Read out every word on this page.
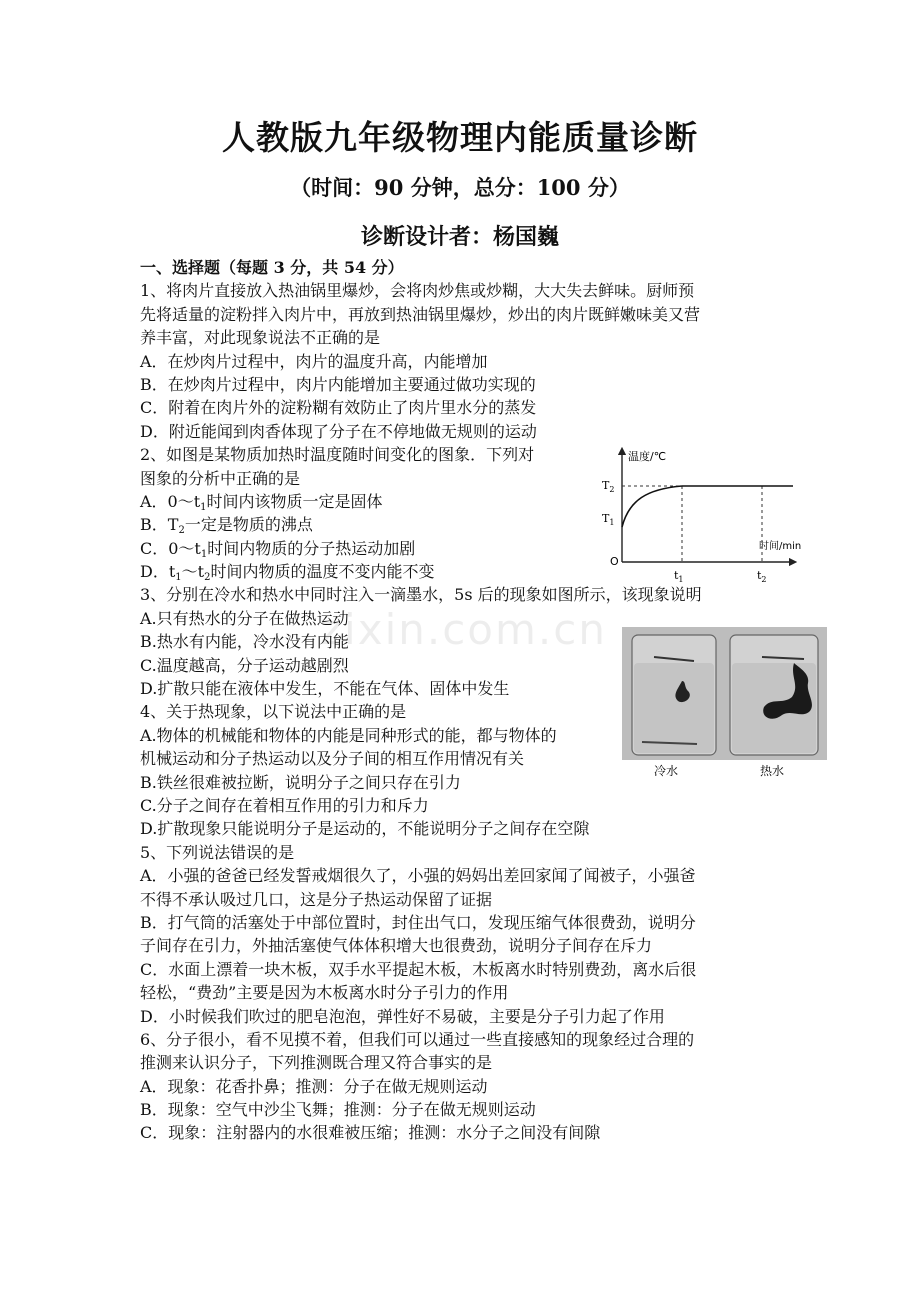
人教版九年级物理内能质量诊断
（时间：90 分钟，总分：100 分）
诊断设计者：杨国巍
zixin.com.cn
一、选择题（每题 3 分，共 54 分）
1、将肉片直接放入热油锅里爆炒，会将肉炒焦或炒糊，大大失去鲜味。厨师预
先将适量的淀粉拌入肉片中，再放到热油锅里爆炒，炒出的肉片既鲜嫩味美又营
养丰富，对此现象说法不正确的是
A．在炒肉片过程中，肉片的温度升高，内能增加
B．在炒肉片过程中，肉片内能增加主要通过做功实现的
C．附着在肉片外的淀粉糊有效防止了肉片里水分的蒸发
D．附近能闻到肉香体现了分子在不停地做无规则的运动
2、如图是某物质加热时温度随时间变化的图象．下列对
图象的分析中正确的是
A．$0\sim t_1$时间内该物质一定是固体
B．$T_2$一定是物质的沸点
C．$0\sim t_1$时间内物质的分子热运动加剧
D．$t_1\sim t_2$时间内物质的温度不变内能不变
3、分别在冷水和热水中同时注入一滴墨水，5s 后的现象如图所示，该现象说明
A.只有热水的分子在做热运动
B.热水有内能，冷水没有内能
C.温度越高，分子运动越剧烈
D.扩散只能在液体中发生，不能在气体、固体中发生
4、关于热现象，以下说法中正确的是
A.物体的机械能和物体的内能是同种形式的能，都与物体的
机械运动和分子热运动以及分子间的相互作用情况有关
B.铁丝很难被拉断，说明分子之间只存在引力
C.分子之间存在着相互作用的引力和斥力
D.扩散现象只能说明分子是运动的，不能说明分子之间存在空隙
5、下列说法错误的是
A．小强的爸爸已经发誓戒烟很久了，小强的妈妈出差回家闻了闻被子，小强爸
不得不承认吸过几口，这是分子热运动保留了证据
B．打气筒的活塞处于中部位置时，封住出气口，发现压缩气体很费劲，说明分
子间存在引力，外抽活塞使气体体积增大也很费劲，说明分子间存在斥力
C．水面上漂着一块木板，双手水平提起木板，木板离水时特别费劲，离水后很
轻松，“费劲”主要是因为木板离水时分子引力的作用
D．小时候我们吹过的肥皂泡泡，弹性好不易破，主要是分子引力起了作用
6、分子很小，看不见摸不着，但我们可以通过一些直接感知的现象经过合理的
推测来认识分子，下列推测既合理又符合事实的是
A．现象：花香扑鼻；推测：分子在做无规则运动
B．现象：空气中沙尘飞舞；推测：分子在做无规则运动
C．现象：注射器内的水很难被压缩；推测：水分子之间没有间隙
温度/℃
时间/min
O
$T_2$
$T_1$
$t_1$	$t_2$
冷水	热水
